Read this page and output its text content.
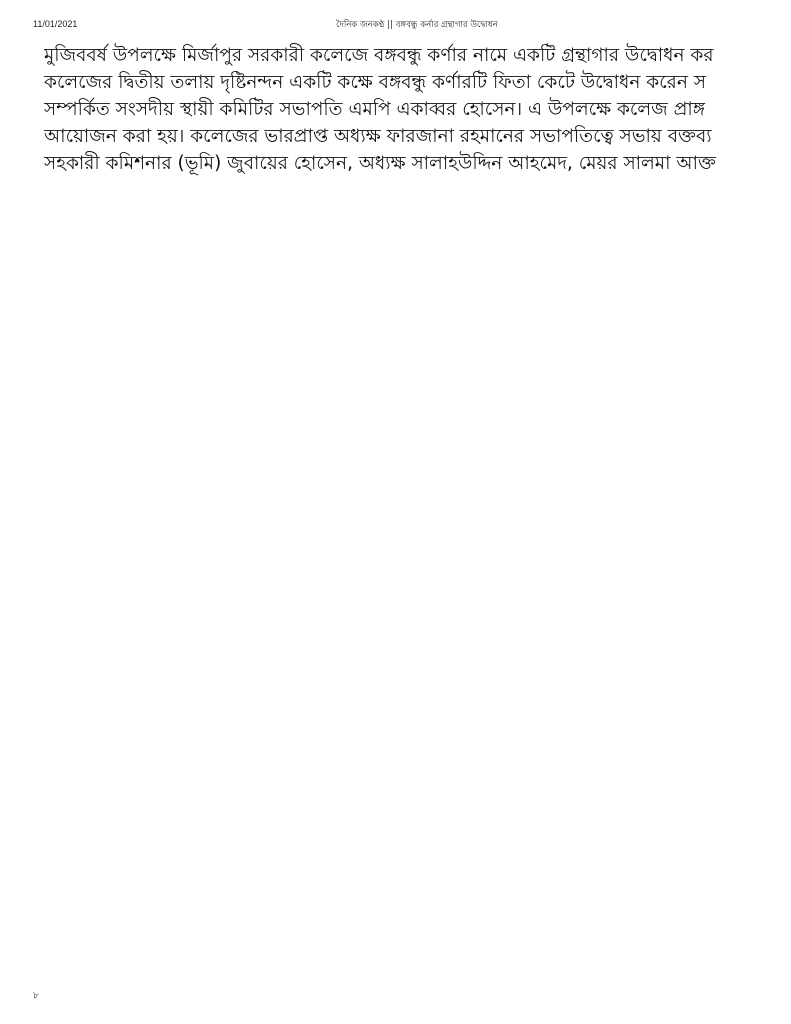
11/01/2021	দৈনিক জনকণ্ঠ || বঙ্গবন্ধু কর্নার গ্রন্থাগার উদ্বোধন
মুজিববর্ষ উপলক্ষে মির্জাপুর সরকারী কলেজে বঙ্গবন্ধু কর্ণার নামে একটি গ্রন্থাগার উদ্বোধন কর
কলেজের দ্বিতীয় তলায় দৃষ্টিনন্দন একটি কক্ষে বঙ্গবন্ধু কর্ণারটি ফিতা কেটে উদ্বোধন করেন স
সম্পর্কিত সংসদীয় স্থায়ী কমিটির সভাপতি এমপি একাব্বর হোসেন। এ উপলক্ষে কলেজ প্রাঙ্গ
আয়োজন করা হয়। কলেজের ভারপ্রাপ্ত অধ্যক্ষ ফারজানা রহমানের সভাপতিত্বে সভায় বক্তব্য
সহকারী কমিশনার (ভূমি) জুবায়ের হোসেন, অধ্যক্ষ সালাহউদ্দিন আহমেদ, মেয়র সালমা আক্ত
৮
